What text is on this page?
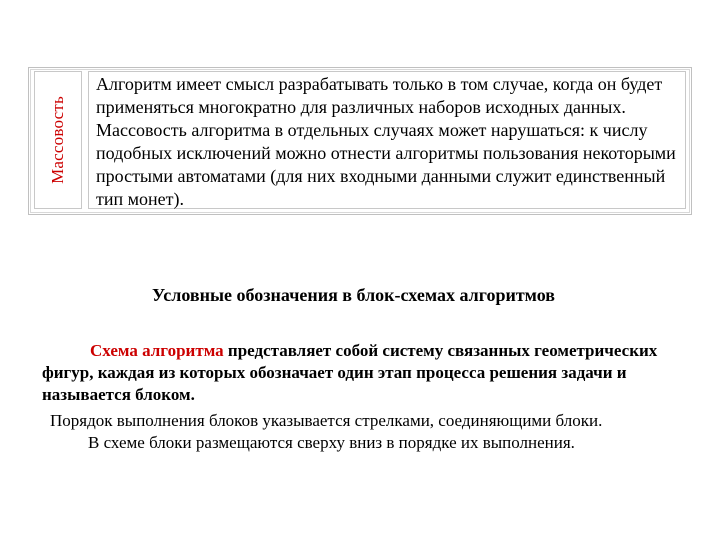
Массовость

Алгоритм имеет смысл разрабатывать только в том случае, когда он будет применяться многократно для различных наборов исходных данных. Массовость алгоритма в отдельных случаях может нарушаться: к числу подобных исключений можно отнести алгоритмы пользования некоторыми простыми автоматами (для них входными данными служит единственный тип монет).

Условные обозначения в блок-схемах алгоритмов

Схема алгоритма представляет собой систему связанных геометрических фигур, каждая из которых обозначает один этап процесса решения задачи и называется блоком.

Порядок выполнения блоков указывается стрелками, соединяющими блоки.

В схеме блоки размещаются сверху вниз в порядке их выполнения.
